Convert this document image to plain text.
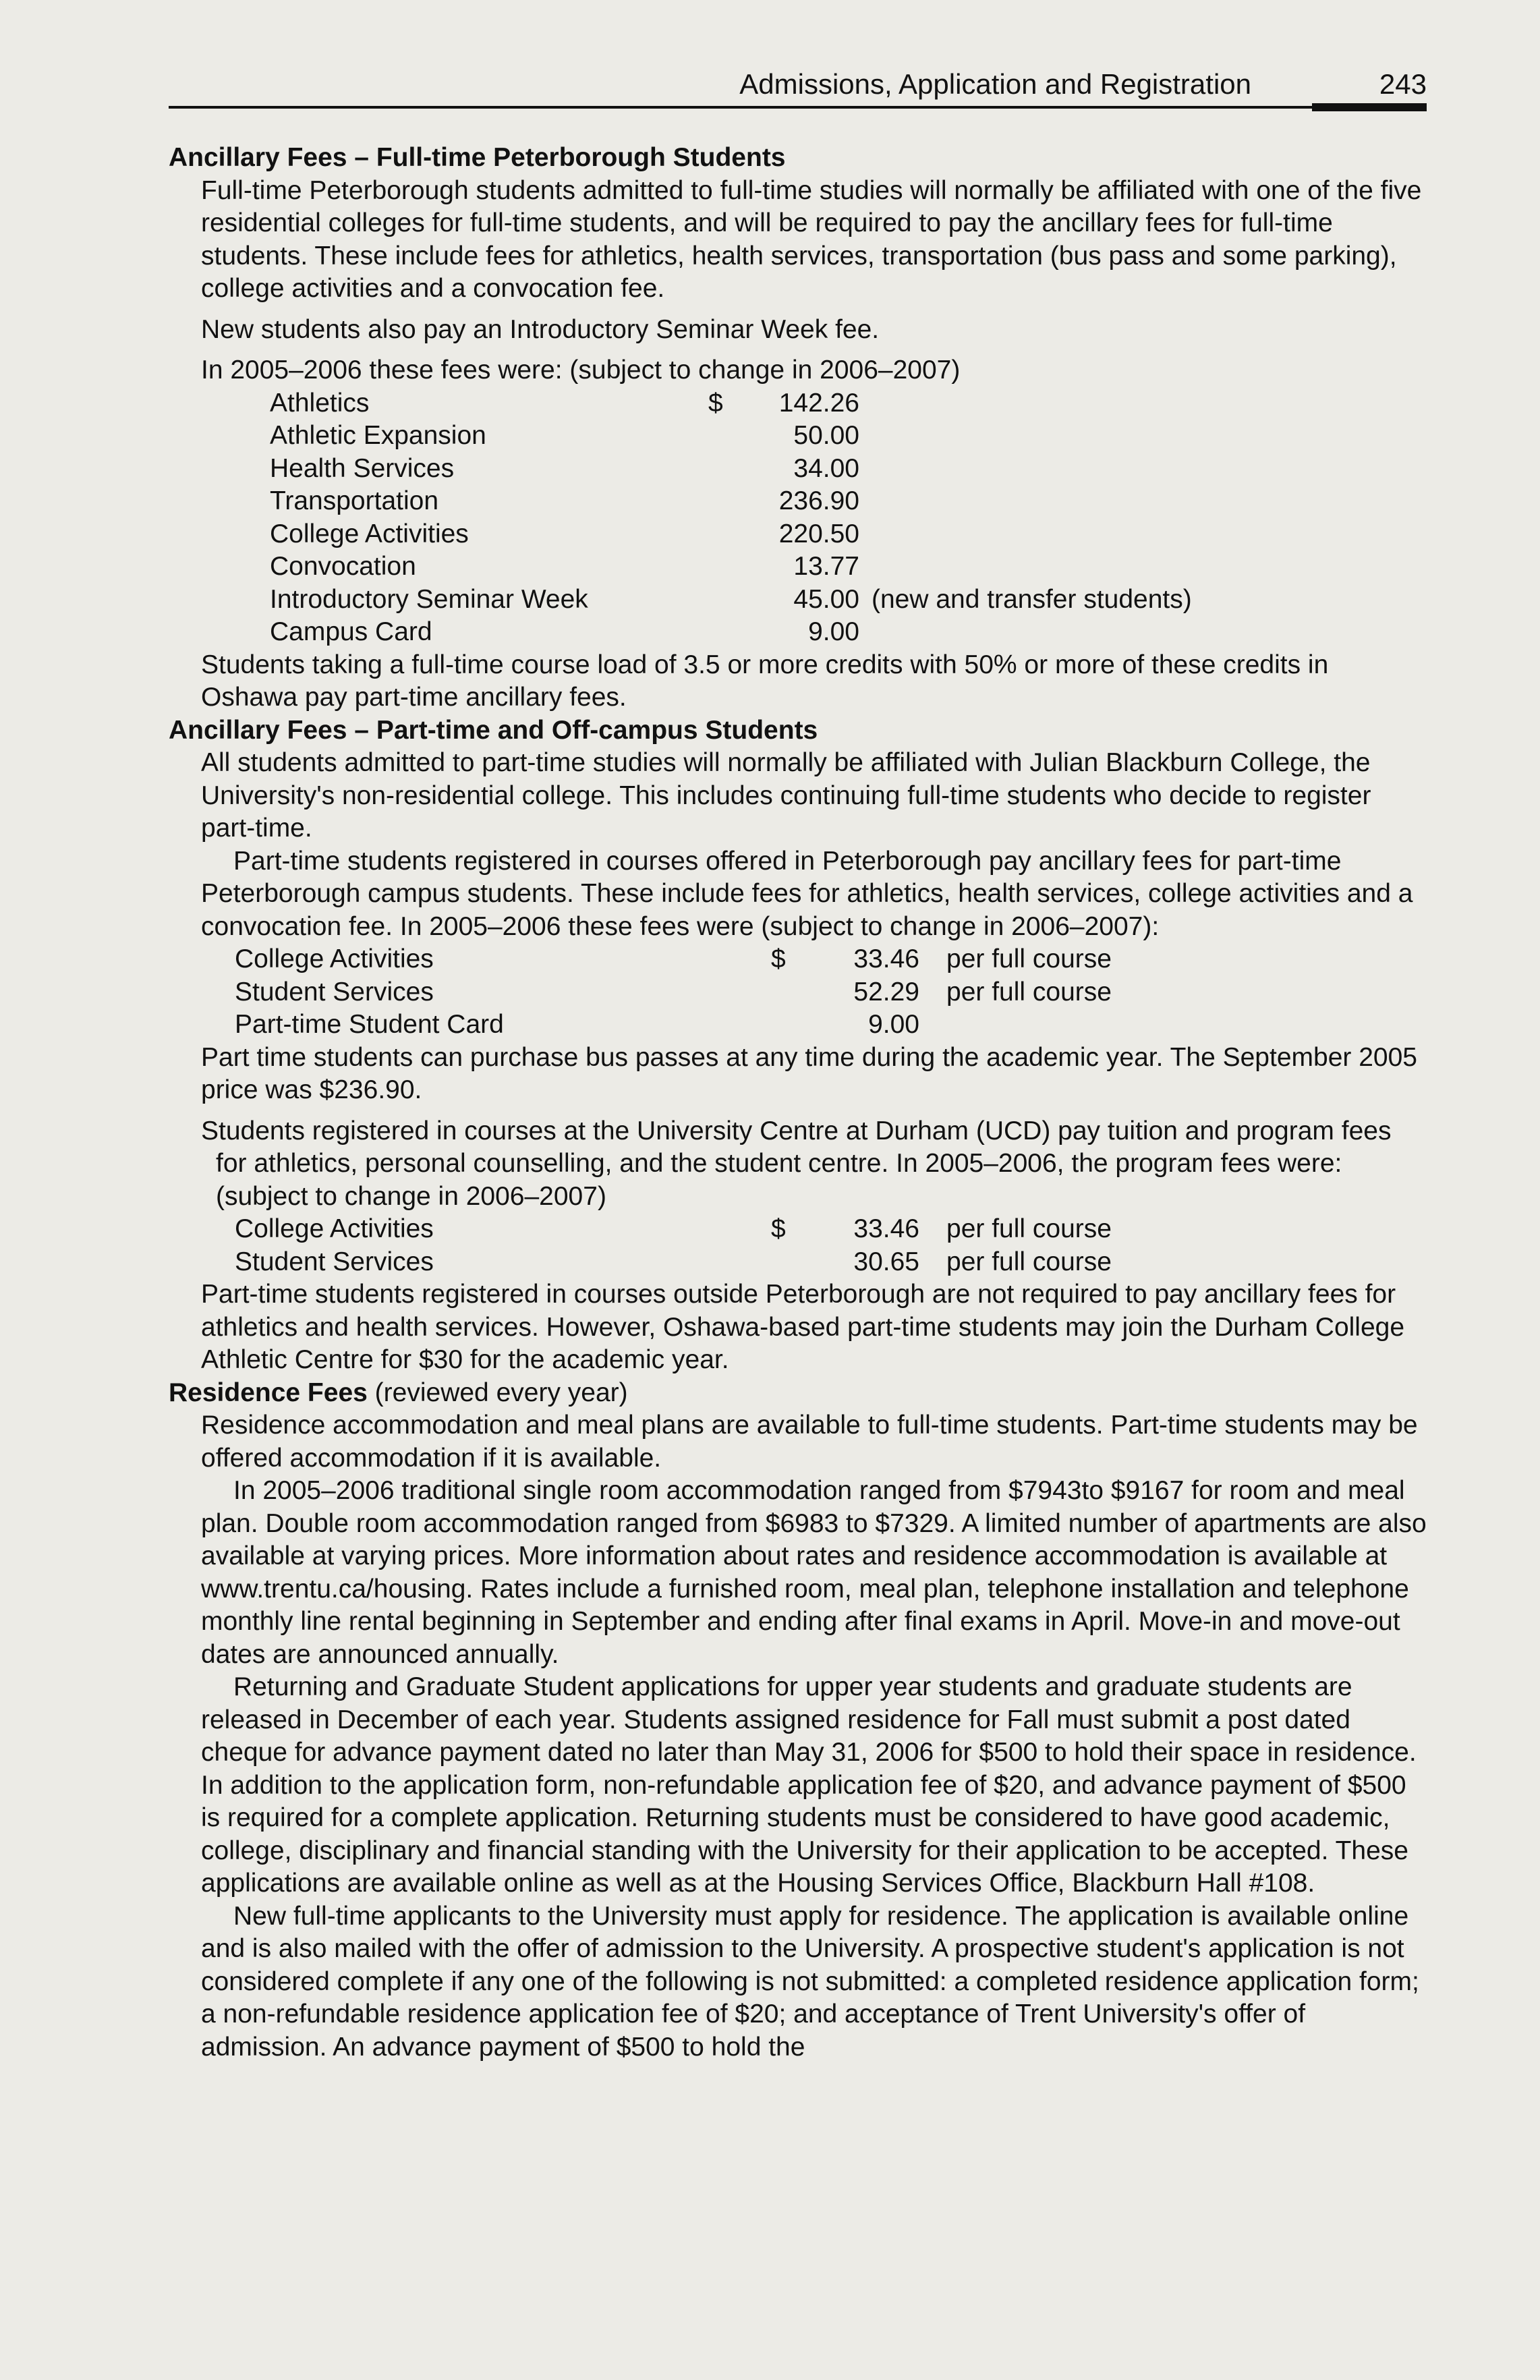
Admissions, Application and Registration	243

Ancillary Fees – Full-time Peterborough Students

Full-time Peterborough students admitted to full-time studies will normally be affiliated with one of the five residential colleges for full-time students, and will be required to pay the ancillary fees for full-time students. These include fees for athletics, health services, transportation (bus pass and some parking), college activities and a convocation fee.

New students also pay an Introductory Seminar Week fee.

In 2005–2006 these fees were: (subject to change in 2006–2007)

Athletics	$	142.26
Athletic Expansion	50.00
Health Services	34.00
Transportation	236.90
College Activities	220.50
Convocation	13.77
Introductory Seminar Week	45.00 (new and transfer students)
Campus Card	9.00

Students taking a full-time course load of 3.5 or more credits with 50% or more of these credits in Oshawa pay part-time ancillary fees.

Ancillary Fees – Part-time and Off-campus Students

All students admitted to part-time studies will normally be affiliated with Julian Blackburn College, the University's non-residential college. This includes continuing full-time students who decide to register part-time.

Part-time students registered in courses offered in Peterborough pay ancillary fees for part-time Peterborough campus students. These include fees for athletics, health services, college activities and a convocation fee. In 2005–2006 these fees were (subject to change in 2006–2007):

College Activities	$	33.46	per full course
Student Services	52.29	per full course
Part-time Student Card	9.00

Part time students can purchase bus passes at any time during the academic year. The September 2005 price was $236.90.

Students registered in courses at the University Centre at Durham (UCD) pay tuition and program fees for athletics, personal counselling, and the student centre. In 2005–2006, the program fees were: (subject to change in 2006–2007)

College Activities	$	33.46	per full course
Student Services	30.65	per full course

Part-time students registered in courses outside Peterborough are not required to pay ancillary fees for athletics and health services. However, Oshawa-based part-time students may join the Durham College Athletic Centre for $30 for the academic year.

Residence Fees (reviewed every year)

Residence accommodation and meal plans are available to full-time students. Part-time students may be offered accommodation if it is available.

In 2005–2006 traditional single room accommodation ranged from $7943to $9167 for room and meal plan. Double room accommodation ranged from $6983 to $7329. A limited number of apartments are also available at varying prices. More information about rates and residence accommodation is available at www.trentu.ca/housing. Rates include a furnished room, meal plan, telephone installation and telephone monthly line rental beginning in September and ending after final exams in April. Move-in and move-out dates are announced annually.

Returning and Graduate Student applications for upper year students and graduate students are released in December of each year. Students assigned residence for Fall must submit a post dated cheque for advance payment dated no later than May 31, 2006 for $500 to hold their space in residence. In addition to the application form, non-refundable application fee of $20, and advance payment of $500 is required for a complete application. Returning students must be considered to have good academic, college, disciplinary and financial standing with the University for their application to be accepted. These applications are available online as well as at the Housing Services Office, Blackburn Hall #108.

New full-time applicants to the University must apply for residence. The application is available online and is also mailed with the offer of admission to the University. A prospective student's application is not considered complete if any one of the following is not submitted: a completed residence application form; a non-refundable residence application fee of $20; and acceptance of Trent University's offer of admission. An advance payment of $500 to hold the
